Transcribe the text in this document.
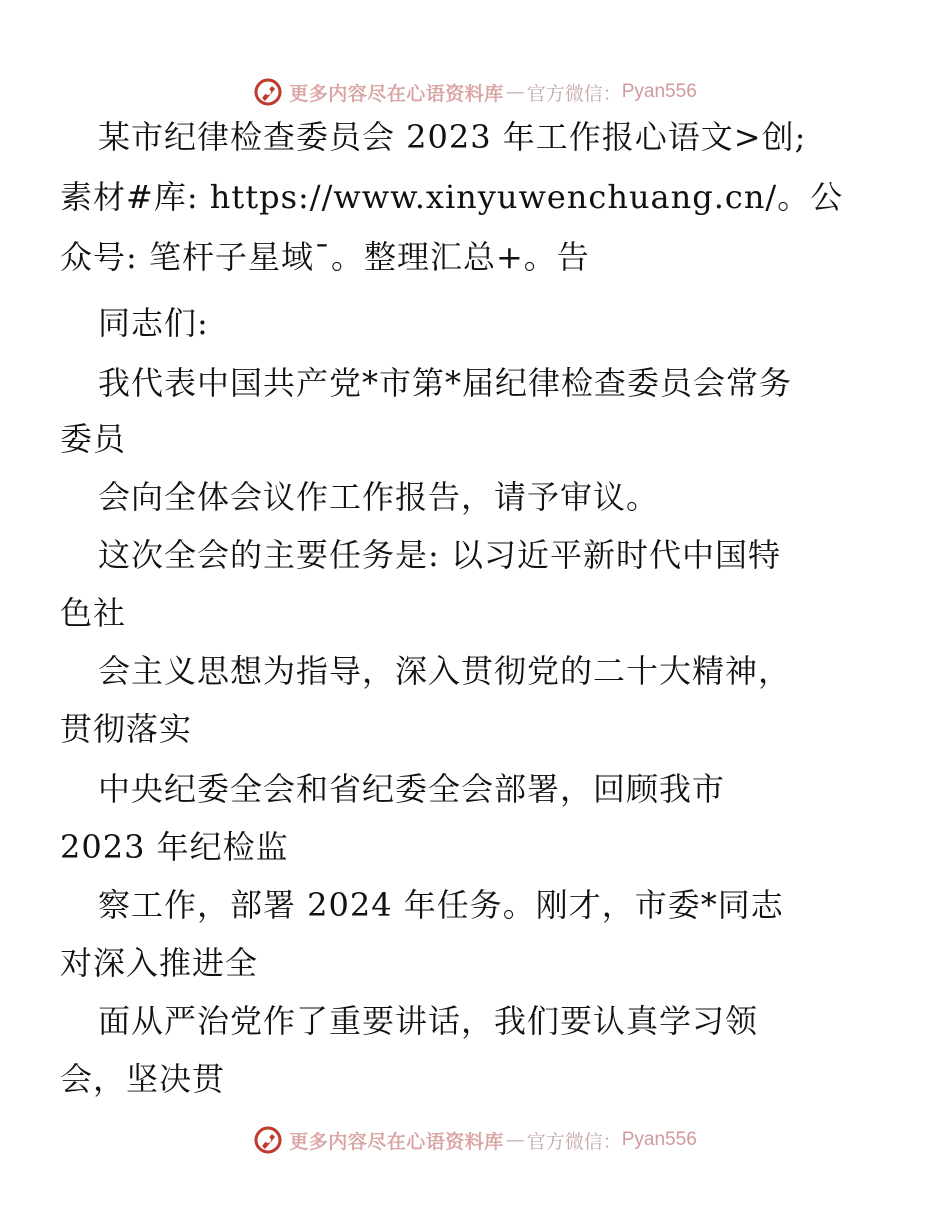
更多内容尽在心语资料库 — 官方微信： Pyan556
某市纪律检查委员会 2023 年工作报心语文>创;
素材#库: https://www.xinyuwenchuang.cn/。公
众号: 笔杆子星域¯。整理汇总+。告
同志们:
我代表中国共产党*市第*届纪律检查委员会常务
委员
会向全体会议作工作报告，请予审议。
这次全会的主要任务是: 以习近平新时代中国特
色社
会主义思想为指导，深入贯彻党的二十大精神，
贯彻落实
中央纪委全会和省纪委全会部署，回顾我市
2023 年纪检监
察工作，部署 2024 年任务。刚才，市委*同志
对深入推进全
面从严治党作了重要讲话，我们要认真学习领
会，坚决贯
更多内容尽在心语资料库 — 官方微信： Pyan556
